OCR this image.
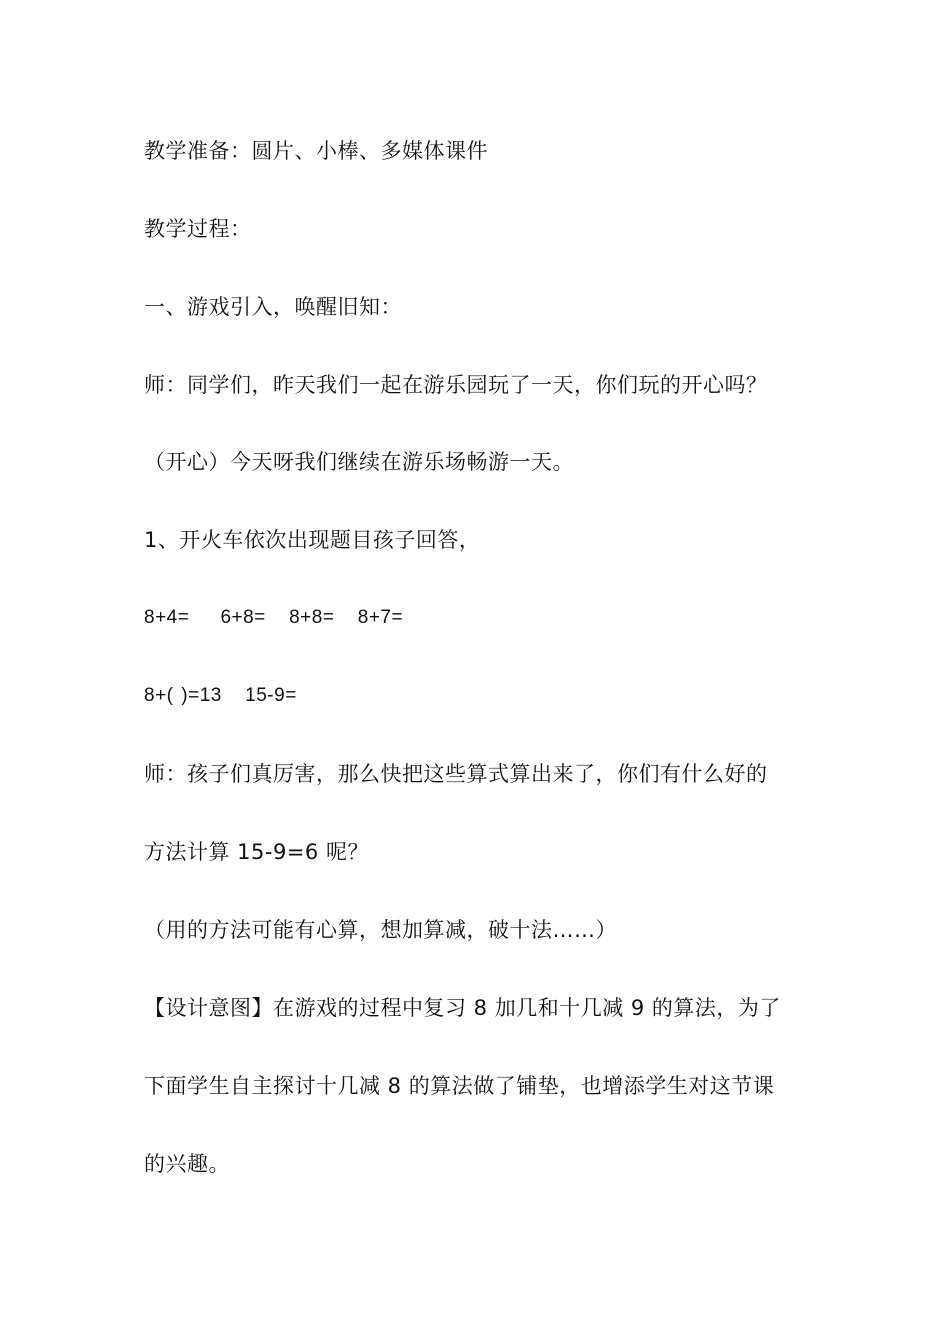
教学准备：圆片、小棒、多媒体课件
教学过程：
一、游戏引入，唤醒旧知：
师：同学们，昨天我们一起在游乐园玩了一天，你们玩的开心吗？
（开心）今天呀我们继续在游乐场畅游一天。
1、开火车依次出现题目孩子回答，
8+4=    6+8=   8+8=   8+7=
8+( )=13   15-9=
师：孩子们真厉害，那么快把这些算式算出来了，你们有什么好的
方法计算 15-9=6 呢？
（用的方法可能有心算，想加算减，破十法……）
【设计意图】在游戏的过程中复习 8 加几和十几减 9 的算法，为了
下面学生自主探讨十几减 8 的算法做了铺垫，也增添学生对这节课
的兴趣。
